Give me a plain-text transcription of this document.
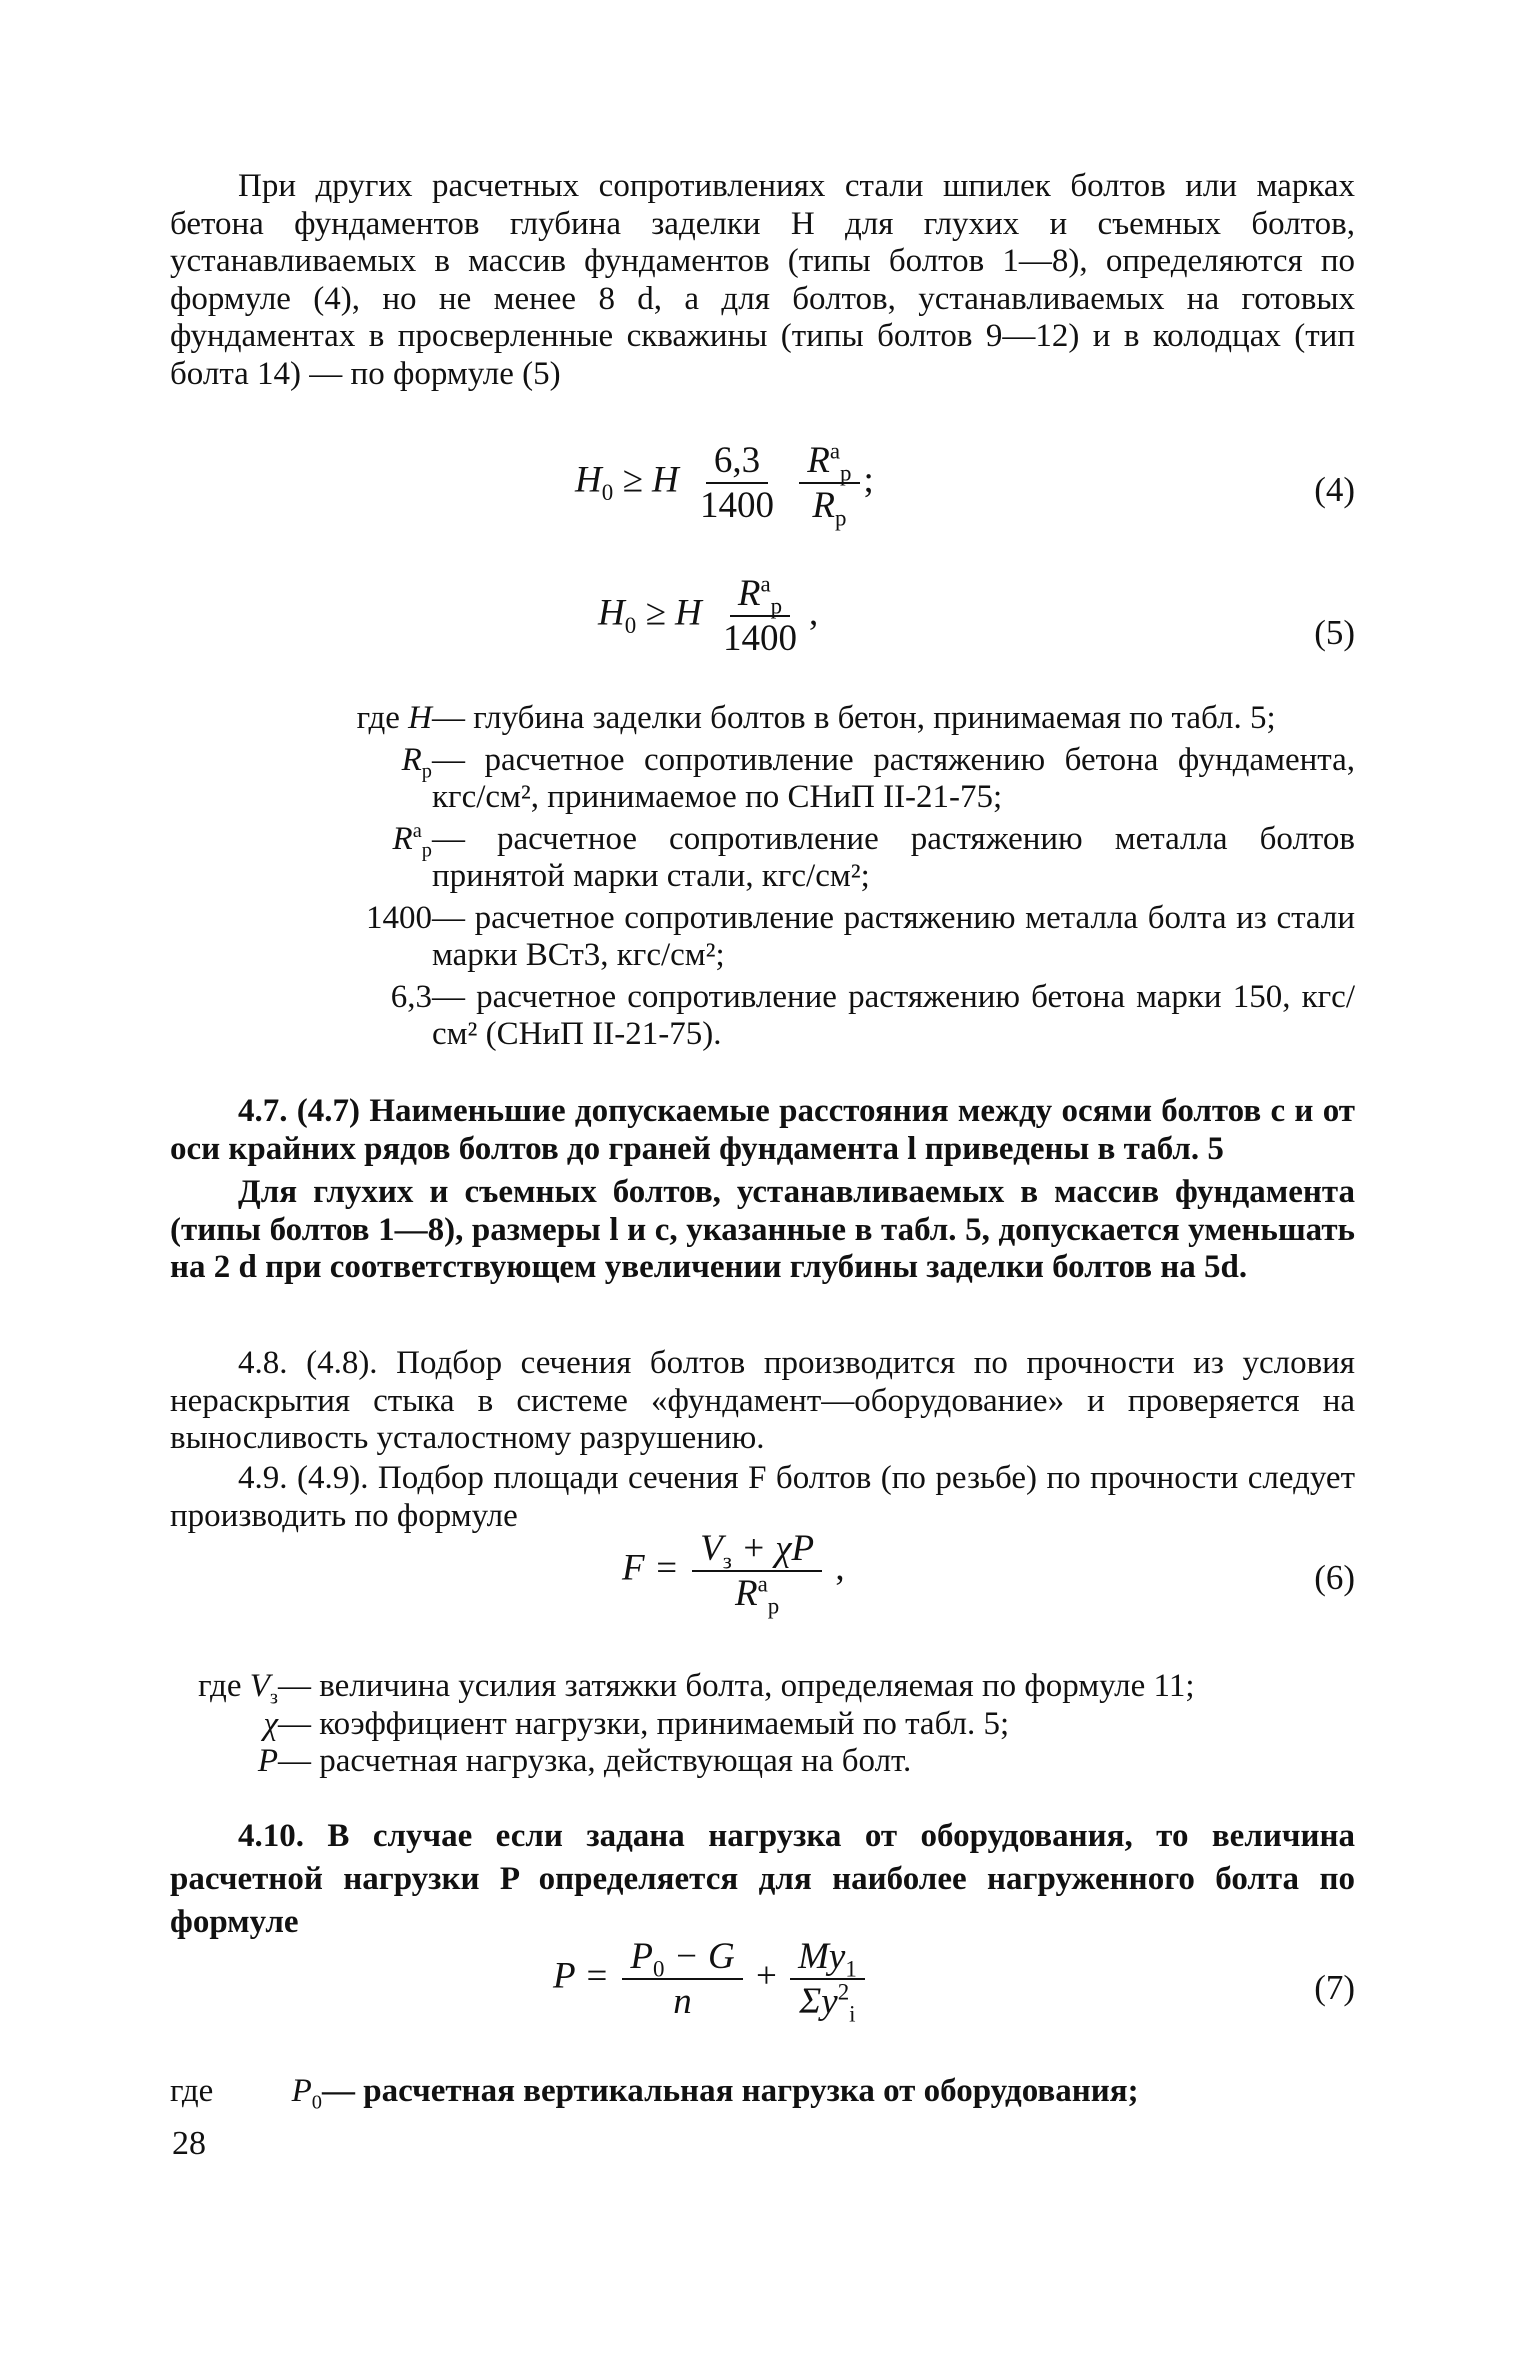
При других расчетных сопротивлениях стали шпилек болтов или марках бетона фундаментов глубина заделки H для глухих и съемных болтов, устанавливаемых в массив фундаментов (типы болтов 1—8), определяются по формуле (4), но не менее 8 d, а для болтов, устанавливаемых на готовых фундаментах в просверленные скважины (типы болтов 9—12) и в колодцах (тип болта 14) — по формуле (5)

$H_0 \ge H \frac{6,3}{1400}$
$\frac{R^а_р}{R_р}$ ;	(4)
$H_0 \ge H \frac{R^а_р}{1400}$ ,	(5)
где H — глубина заделки болтов в бетон, принимаемая по табл. 5;
$R_р$ — расчетное сопротивление растяжению бетона фундамента, кгс/см², принимаемое по СНиП II-21-75;
$R^а_р$ — расчетное сопротивление растяжению металла болтов принятой марки стали, кгс/см²;
1400 — расчетное сопротивление растяжению металла болта из стали марки ВСт3, кгс/см²;
6,3 — расчетное сопротивление растяжению бетона марки 150, кгс/см² (СНиП II-21-75).

4.7. (4.7) Наименьшие допускаемые расстояния между осями болтов c и от оси крайних рядов болтов до граней фундамента l приведены в табл. 5

Для глухих и съемных болтов, устанавливаемых в массив фундамента (типы болтов 1—8), размеры l и c, указанные в табл. 5, допускается уменьшать на 2 d при соответствующем увеличении глубины заделки болтов на 5d.

4.8. (4.8). Подбор сечения болтов производится по прочности из условия нераскрытия стыка в системе «фундамент—оборудование» и проверяется на выносливость усталостному разрушению.

4.9. (4.9). Подбор площади сечения F болтов (по резьбе) по прочности следует производить по формуле

$F = \frac{V_з + \chi P}{R^а_р}$ ,	(6)
где $V_з$ — величина усилия затяжки болта, определяемая по формуле 11;
χ — коэффициент нагрузки, принимаемый по табл. 5;
P — расчетная нагрузка, действующая на болт.

4.10. В случае если задана нагрузка от оборудования, то величина расчетной нагрузки P определяется для наиболее нагруженного болта по формуле

$P = \frac{P_0 - G}{n} + \frac{My_1}{\Sigma y^2_i}$	(7)
где	$P_0$ — расчетная вертикальная нагрузка от оборудования;
28
